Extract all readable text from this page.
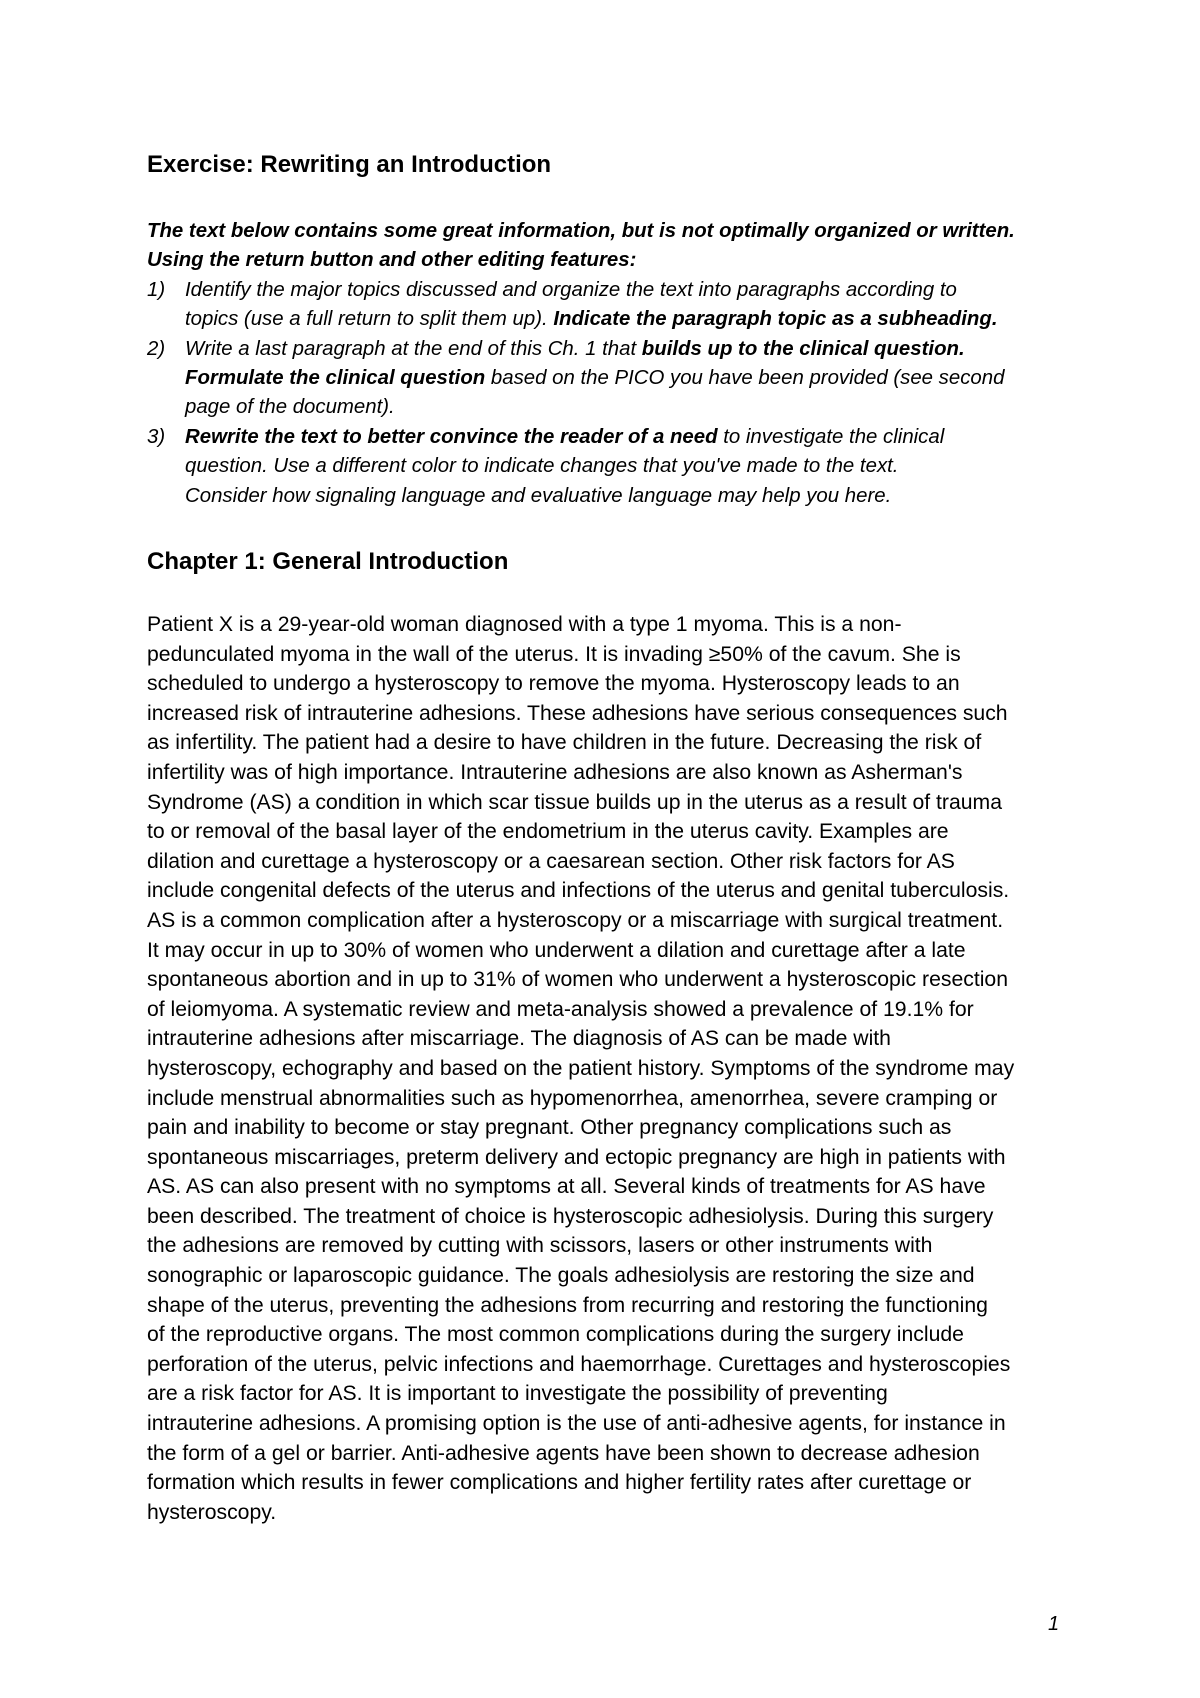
Exercise: Rewriting an Introduction
The text below contains some great information, but is not optimally organized or written.
Using the return button and other editing features:
1) Identify the major topics discussed and organize the text into paragraphs according to
topics (use a full return to split them up). Indicate the paragraph topic as a subheading.
2) Write a last paragraph at the end of this Ch. 1 that builds up to the clinical question.
Formulate the clinical question based on the PICO you have been provided (see second
page of the document).
3) Rewrite the text to better convince the reader of a need to investigate the clinical
question. Use a different color to indicate changes that you've made to the text.
Consider how signaling language and evaluative language may help you here.
Chapter 1: General Introduction
Patient X is a 29-year-old woman diagnosed with a type 1 myoma. This is a non-
pedunculated myoma in the wall of the uterus. It is invading ≥50% of the cavum. She is
scheduled to undergo a hysteroscopy to remove the myoma. Hysteroscopy leads to an
increased risk of intrauterine adhesions. These adhesions have serious consequences such
as infertility. The patient had a desire to have children in the future. Decreasing the risk of
infertility was of high importance. Intrauterine adhesions are also known as Asherman's
Syndrome (AS) a condition in which scar tissue builds up in the uterus as a result of trauma
to or removal of the basal layer of the endometrium in the uterus cavity. Examples are
dilation and curettage a hysteroscopy or a caesarean section. Other risk factors for AS
include congenital defects of the uterus and infections of the uterus and genital tuberculosis.
AS is a common complication after a hysteroscopy or a miscarriage with surgical treatment.
It may occur in up to 30% of women who underwent a dilation and curettage after a late
spontaneous abortion and in up to 31% of women who underwent a hysteroscopic resection
of leiomyoma. A systematic review and meta-analysis showed a prevalence of 19.1% for
intrauterine adhesions after miscarriage. The diagnosis of AS can be made with
hysteroscopy, echography and based on the patient history. Symptoms of the syndrome may
include menstrual abnormalities such as hypomenorrhea, amenorrhea, severe cramping or
pain and inability to become or stay pregnant. Other pregnancy complications such as
spontaneous miscarriages, preterm delivery and ectopic pregnancy are high in patients with
AS. AS can also present with no symptoms at all. Several kinds of treatments for AS have
been described. The treatment of choice is hysteroscopic adhesiolysis. During this surgery
the adhesions are removed by cutting with scissors, lasers or other instruments with
sonographic or laparoscopic guidance. The goals adhesiolysis are restoring the size and
shape of the uterus, preventing the adhesions from recurring and restoring the functioning
of the reproductive organs. The most common complications during the surgery include
perforation of the uterus, pelvic infections and haemorrhage. Curettages and hysteroscopies
are a risk factor for AS. It is important to investigate the possibility of preventing
intrauterine adhesions. A promising option is the use of anti-adhesive agents, for instance in
the form of a gel or barrier. Anti-adhesive agents have been shown to decrease adhesion
formation which results in fewer complications and higher fertility rates after curettage or
hysteroscopy.
1
